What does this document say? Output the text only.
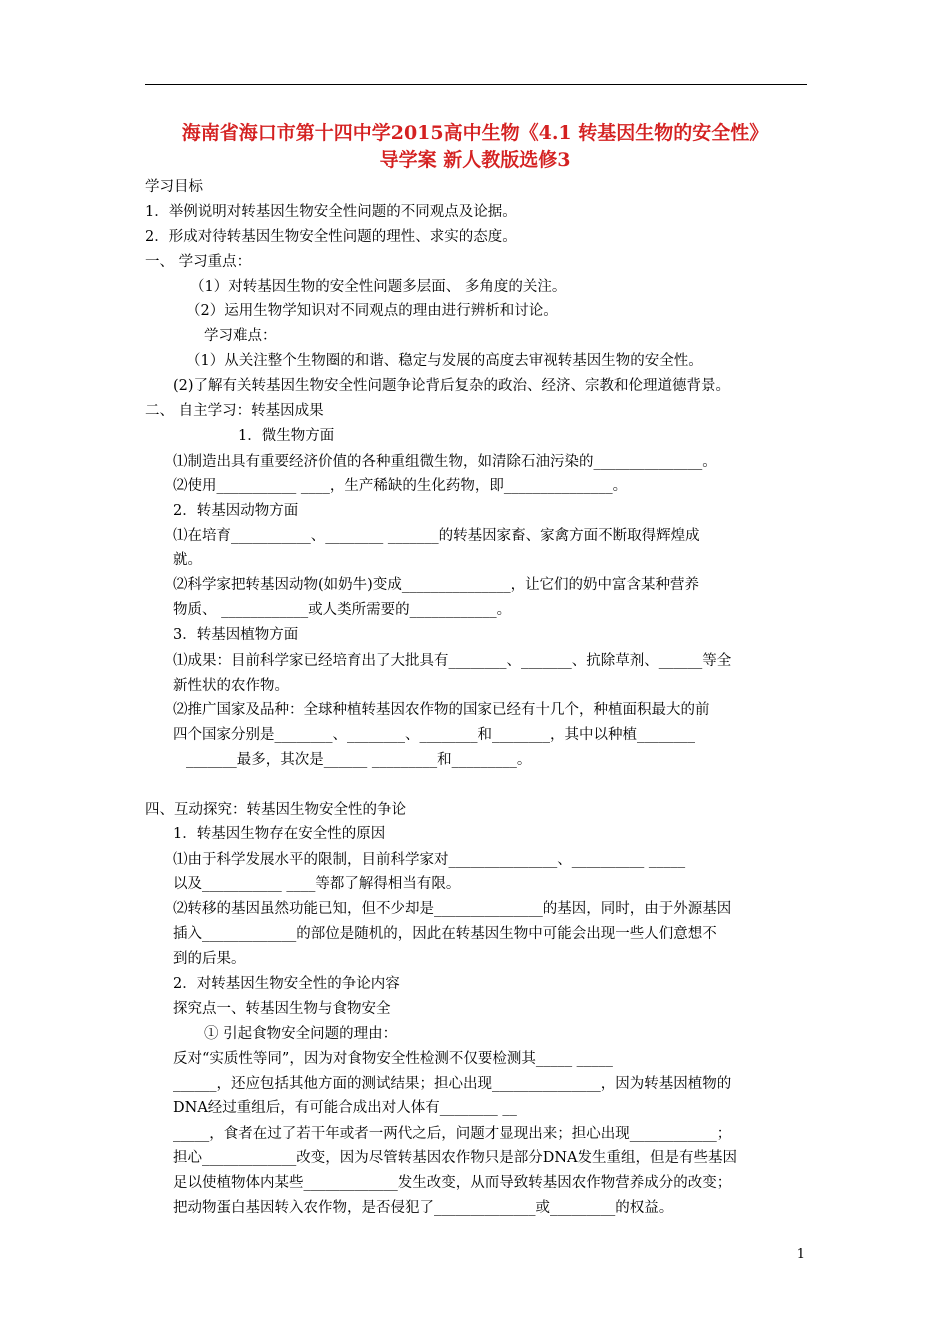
海南省海口市第十四中学2015高中生物《4.1 转基因生物的安全性》
导学案 新人教版选修3
学习目标
1．举例说明对转基因生物安全性问题的不同观点及论据。
2．形成对待转基因生物安全性问题的理性、求实的态度。
一、 学习重点：
（1）对转基因生物的安全性问题多层面、 多角度的关注。
（2）运用生物学知识对不同观点的理由进行辨析和讨论。
学习难点：
（1）从关注整个生物圈的和谐、稳定与发展的高度去审视转基因生物的安全性。
(2)了解有关转基因生物安全性问题争论背后复杂的政治、经济、宗教和伦理道德背景。
二、 自主学习：转基因成果
1．微生物方面
⑴制造出具有重要经济价值的各种重组微生物，如清除石油污染的_______________。
⑵使用___________ ____，生产稀缺的生化药物，即_______________。
2．转基因动物方面
⑴在培育___________、________ _______的转基因家畜、家禽方面不断取得辉煌成
就。
⑵科学家把转基因动物(如奶牛)变成_______________，让它们的奶中富含某种营养
物质、 ____________或人类所需要的____________。
3．转基因植物方面
⑴成果：目前科学家已经培育出了大批具有________、_______、抗除草剂、______等全
新性状的农作物。
⑵推广国家及品种：全球种植转基因农作物的国家已经有十几个，种植面积最大的前
四个国家分别是________、________、________和________，其中以种植________
_______最多，其次是______ _________和_________。
四、互动探究：转基因生物安全性的争论
1．转基因生物存在安全性的原因
⑴由于科学发展水平的限制，目前科学家对_______________、__________ _____
以及___________ ____等都了解得相当有限。
⑵转移的基因虽然功能已知，但不少却是_______________的基因，同时，由于外源基因
插入_____________的部位是随机的，因此在转基因生物中可能会出现一些人们意想不
到的后果。
2．对转基因生物安全性的争论内容
探究点一、转基因生物与食物安全
① 引起食物安全问题的理由：
反对“实质性等同”，因为对食物安全性检测不仅要检测其_____ _____
______，还应包括其他方面的测试结果；担心出现_______________，因为转基因植物的
DNA经过重组后，有可能合成出对人体有________ __
_____，食者在过了若干年或者一两代之后，问题才显现出来；担心出现____________；
担心_____________改变，因为尽管转基因农作物只是部分DNA发生重组，但是有些基因
足以使植物体内某些_____________发生改变，从而导致转基因农作物营养成分的改变；
把动物蛋白基因转入农作物，是否侵犯了______________或_________的权益。
1
